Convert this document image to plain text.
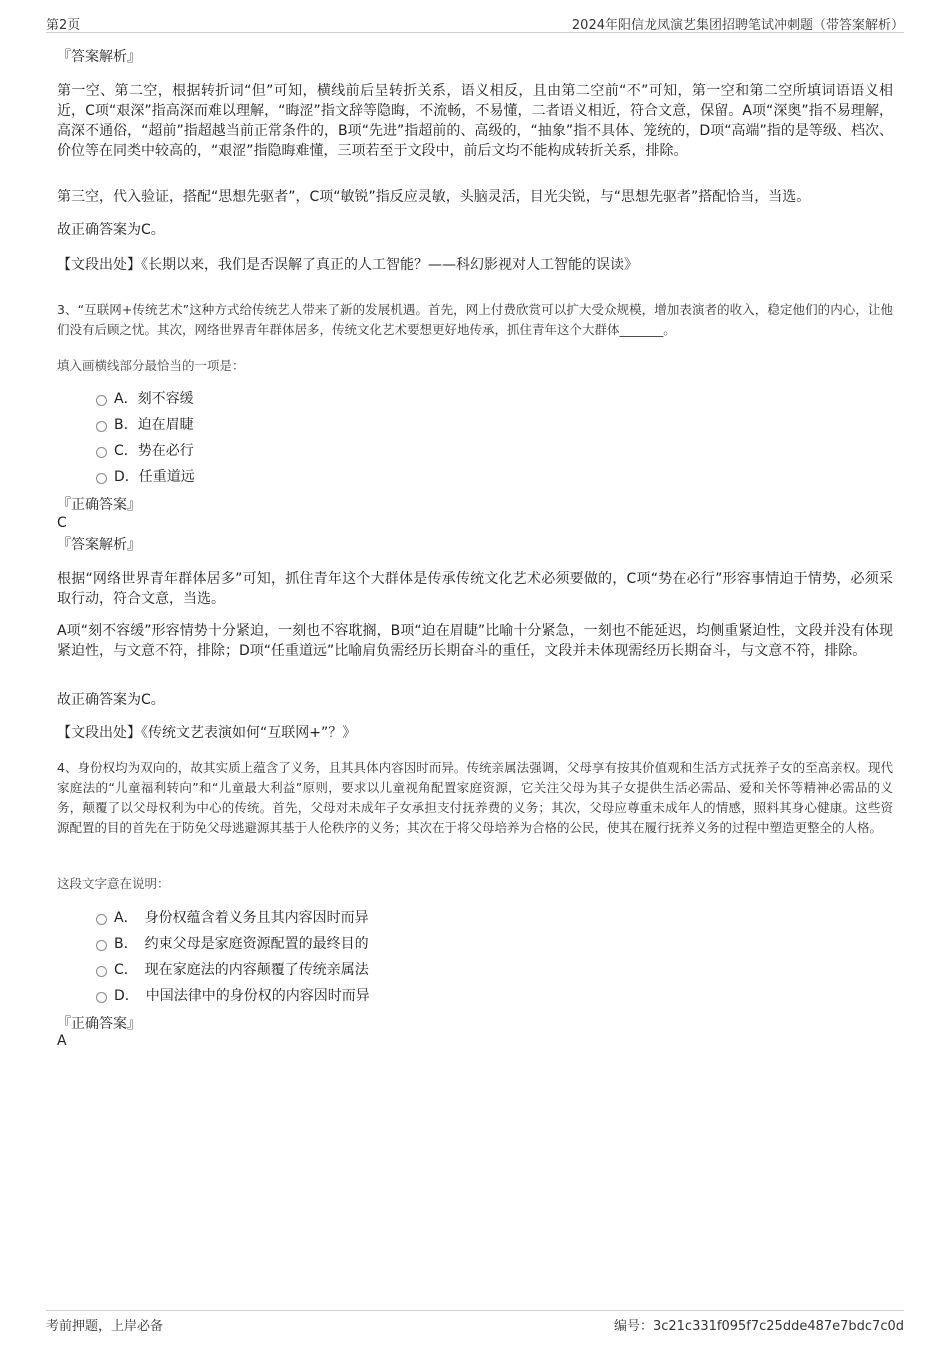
第2页	2024年阳信龙凤演艺集团招聘笔试冲刺题（带答案解析）
『答案解析』
第一空、第二空，根据转折词“但”可知，横线前后呈转折关系，语义相反，且由第二空前“不”可知，第一空和第二空所填词语语义相近，C项“艰深”指高深而难以理解，“晦涩”指文辞等隐晦，不流畅，不易懂，二者语义相近，符合文意，保留。A项“深奥”指不易理解，高深不通俗，“超前”指超越当前正常条件的，B项“先进”指超前的、高级的，“抽象”指不具体、笼统的，D项“高端”指的是等级、档次、价位等在同类中较高的，“艰涩”指隐晦难懂，三项若至于文段中，前后文均不能构成转折关系，排除。
第三空，代入验证，搭配“思想先驱者”，C项“敏锐”指反应灵敏，头脑灵活，目光尖锐，与“思想先驱者”搭配恰当，当选。
故正确答案为C。
【文段出处】《长期以来，我们是否误解了真正的人工智能？——科幻影视对人工智能的误读》
3、“互联网+传统艺术”这种方式给传统艺人带来了新的发展机遇。首先，网上付费欣赏可以扩大受众规模，增加表演者的收入，稳定他们的内心，让他们没有后顾之忧。其次，网络世界青年群体居多，传统文化艺术要想更好地传承，抓住青年这个大群体_______。
填入画横线部分最恰当的一项是：
A．刻不容缓
B．迫在眉睫
C．势在必行
D．任重道远
『正确答案』
C
『答案解析』
根据“网络世界青年群体居多”可知，抓住青年这个大群体是传承传统文化艺术必须要做的，C项“势在必行”形容事情迫于情势，必须采取行动，符合文意，当选。
A项“刻不容缓”形容情势十分紧迫，一刻也不容耽搁，B项“迫在眉睫”比喻十分紧急，一刻也不能延迟，均侧重紧迫性，文段并没有体现紧迫性，与文意不符，排除；D项“任重道远”比喻肩负需经历长期奋斗的重任，文段并未体现需经历长期奋斗，与文意不符，排除。
故正确答案为C。
【文段出处】《传统文艺表演如何“互联网+”？》
4、身份权均为双向的，故其实质上蕴含了义务，且其具体内容因时而异。传统亲属法强调，父母享有按其价值观和生活方式抚养子女的至高亲权。现代家庭法的“儿童福利转向”和“儿童最大利益”原则，要求以儿童视角配置家庭资源，它关注父母为其子女提供生活必需品、爱和关怀等精神必需品的义务，颠覆了以父母权利为中心的传统。首先，父母对未成年子女承担支付抚养费的义务；其次，父母应尊重未成年人的情感，照料其身心健康。这些资源配置的目的首先在于防免父母逃避源其基于人伦秩序的义务；其次在于将父母培养为合格的公民，使其在履行抚养义务的过程中塑造更整全的人格。
这段文字意在说明：
A．　身份权蕴含着义务且其内容因时而异
B．　约束父母是家庭资源配置的最终目的
C．　现在家庭法的内容颠覆了传统亲属法
D．　中国法律中的身份权的内容因时而异
『正确答案』
A
考前押题，上岸必备	编号：3c21c331f095f7c25dde487e7bdc7c0d
